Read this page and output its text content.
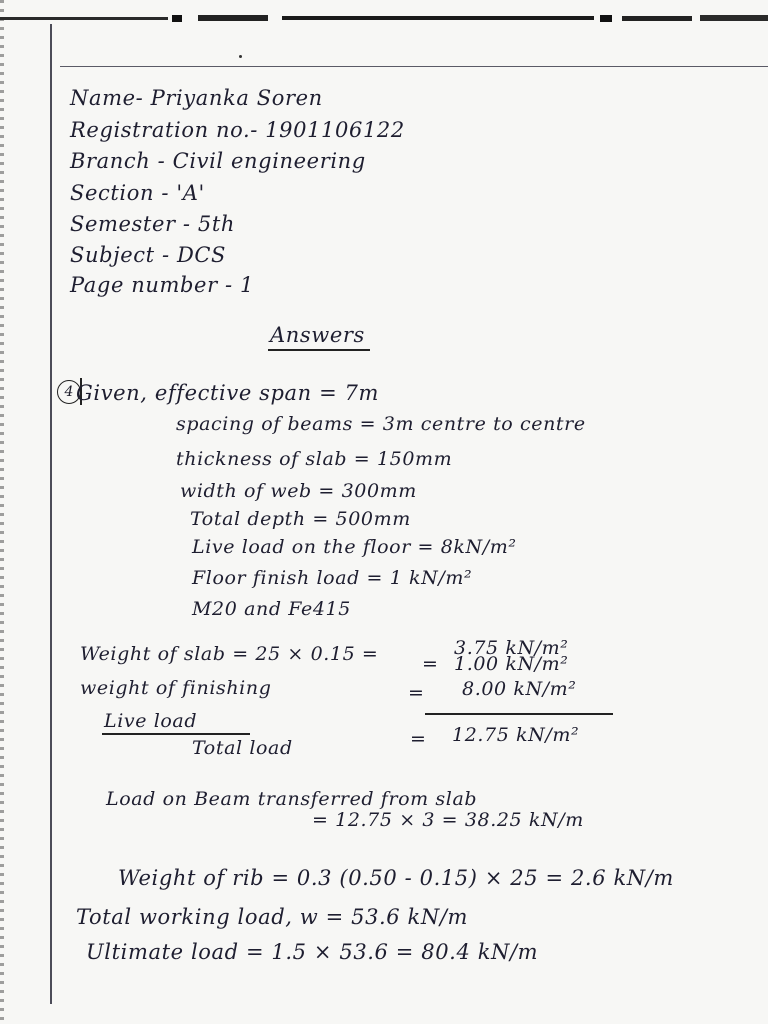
Name- Priyanka Soren
Registration no.- 1901106122
Branch - Civil engineering
Section - 'A'
Semester - 5th
Subject - DCS
Page number - 1
Answers
4 Given, effective span = 7m
spacing of beams = 3m centre to centre
thickness of slab = 150mm
width of web = 300mm
Total depth = 500mm
Live load on the floor = 8kN/m²
Floor finish load = 1 kN/m²
M20 and Fe415
Weight of slab = 25 × 0.15 =	3.75 kN/m²
weight of finishing
= 1.00 kN/m²
Live load
= 8.00 kN/m²
Total load	= 12.75 kN/m²
Load on Beam transferred from slab
= 12.75 × 3 = 38.25 kN/m
Weight of rib = 0.3 (0.50 - 0.15) × 25 = 2.6 kN/m
Total working load, w = 53.6 kN/m
Ultimate load = 1.5 × 53.6 = 80.4 kN/m
